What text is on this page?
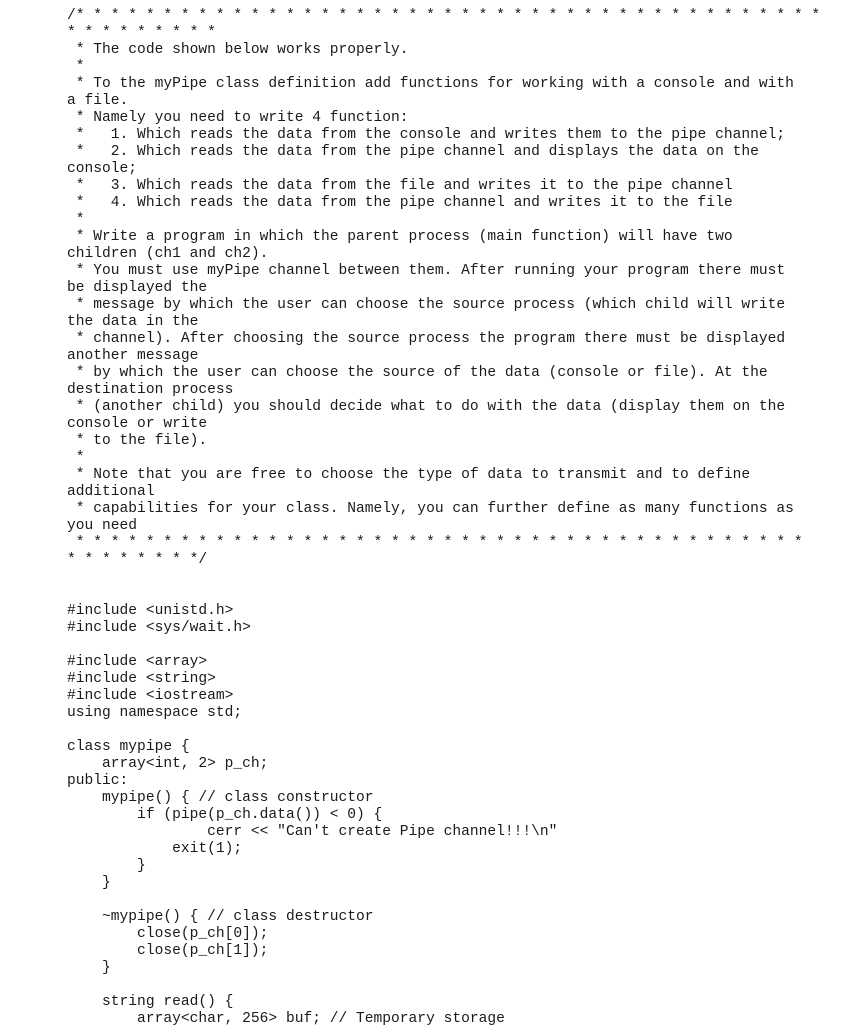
/* * * * * * * * * * * * * * * * * * * * * * * * * * * * * * * * * * * * * * * * * * *
* * * * * * * * *
* The code shown below works properly.
*
* To the myPipe class definition add functions for working with a console and with
a file.
* Namely you need to write 4 function:
*   1. Which reads the data from the console and writes them to the pipe channel;
*   2. Which reads the data from the pipe channel and displays the data on the
console;
*   3. Which reads the data from the file and writes it to the pipe channel
*   4. Which reads the data from the pipe channel and writes it to the file
*
* Write a program in which the parent process (main function) will have two
children (ch1 and ch2).
* You must use myPipe channel between them. After running your program there must
be displayed the
* message by which the user can choose the source process (which child will write
the data in the
* channel). After choosing the source process the program there must be displayed
another message
* by which the user can choose the source of the data (console or file). At the
destination process
* (another child) you should decide what to do with the data (display them on the
console or write
* to the file).
*
* Note that you are free to choose the type of data to transmit and to define
additional
* capabilities for your class. Namely, you can further define as many functions as
you need
* * * * * * * * * * * * * * * * * * * * * * * * * * * * * * * * * * * * * * * * * *
* * * * * * * */
#include <unistd.h>
#include <sys/wait.h>
#include <array>
#include <string>
#include <iostream>
using namespace std;
class mypipe {
array<int, 2> p_ch;
public:
mypipe() { // class constructor
if (pipe(p_ch.data()) < 0) {
cerr << "Can't create Pipe channel!!!\n"
exit(1);
}
}
~mypipe() { // class destructor
close(p_ch[0]);
close(p_ch[1]);
}
string read() {
array<char, 256> buf; // Temporary storage
